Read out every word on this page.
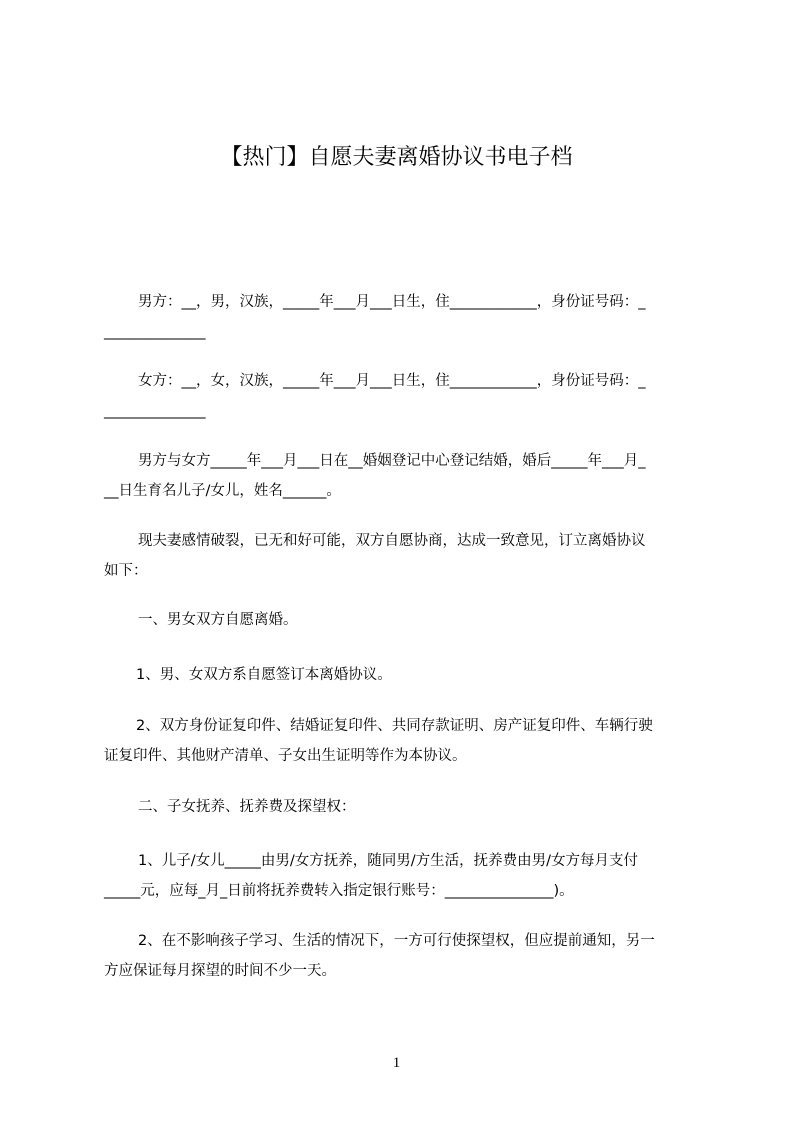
【热门】自愿夫妻离婚协议书电子档
男方：__，男，汉族，_____年___月___日生，住____________，身份证号码：_
______________
女方：__，女，汉族，_____年___月___日生，住____________，身份证号码：_
______________
男方与女方_____年___月___日在__婚姻登记中心登记结婚，婚后_____年___月_
__日生育名儿子/女儿，姓名______。
现夫妻感情破裂，已无和好可能，双方自愿协商，达成一致意见，订立离婚协议
如下：
一、男女双方自愿离婚。
1、男、女双方系自愿签订本离婚协议。
2、双方身份证复印件、结婚证复印件、共同存款证明、房产证复印件、车辆行驶
证复印件、其他财产清单、子女出生证明等作为本协议。
二、子女抚养、抚养费及探望权：
1、儿子/女儿_____由男/女方抚养，随同男/方生活，抚养费由男/女方每月支付
_____元，应每_月_日前将抚养费转入指定银行账号：_______________)。
2、在不影响孩子学习、生活的情况下，一方可行使探望权，但应提前通知，另一
方应保证每月探望的时间不少一天。
1
